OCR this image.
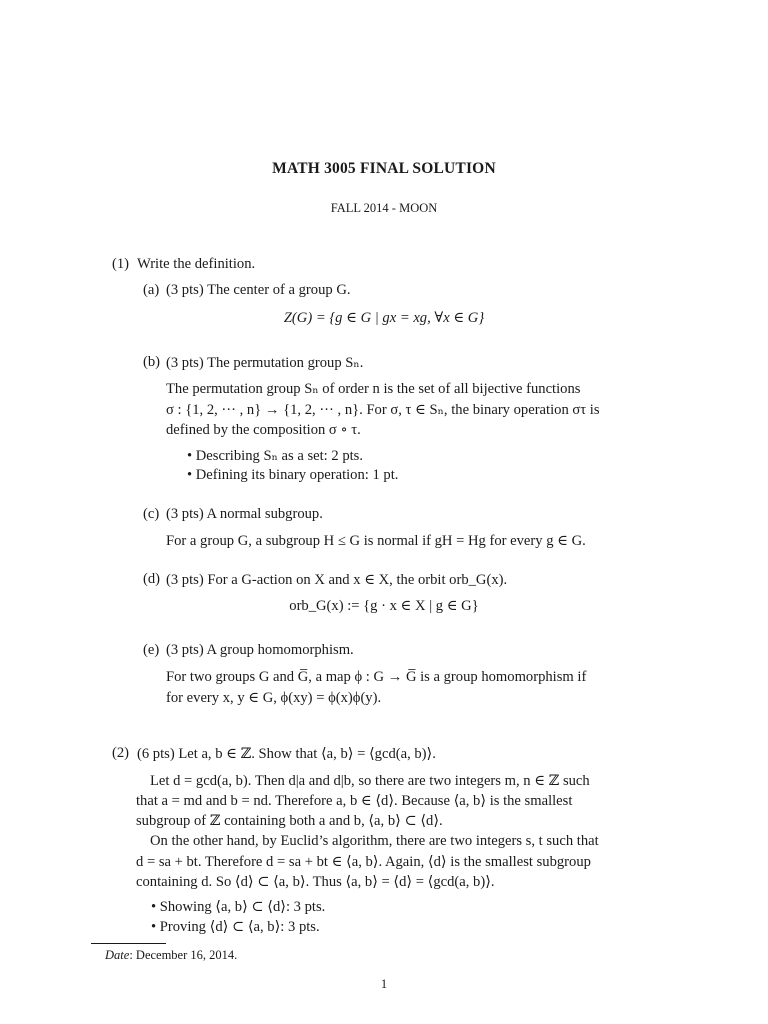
MATH 3005 FINAL SOLUTION
FALL 2014 - MOON
(1) Write the definition.
(a) (3 pts) The center of a group G.
Z(G) = {g ∈ G | gx = xg, ∀x ∈ G}
(b) (3 pts) The permutation group Sₙ.
The permutation group Sₙ of order n is the set of all bijective functions
σ : {1, 2, ··· , n} → {1, 2, ··· , n}. For σ, τ ∈ Sₙ, the binary operation στ is
defined by the composition σ ∘ τ.
• Describing Sₙ as a set: 2 pts.
• Defining its binary operation: 1 pt.
(c) (3 pts) A normal subgroup.
For a group G, a subgroup H ≤ G is normal if gH = Hg for every g ∈ G.
(d) (3 pts) For a G-action on X and x ∈ X, the orbit orb_G(x).
orb_G(x) := {g · x ∈ X | g ∈ G}
(e) (3 pts) A group homomorphism.
For two groups G and G̅, a map ϕ : G → G̅ is a group homomorphism if
for every x, y ∈ G, ϕ(xy) = ϕ(x)ϕ(y).
(2) (6 pts) Let a, b ∈ ℤ. Show that ⟨a, b⟩ = ⟨gcd(a, b)⟩.
Let d = gcd(a, b). Then d|a and d|b, so there are two integers m, n ∈ ℤ such
that a = md and b = nd. Therefore a, b ∈ ⟨d⟩. Because ⟨a, b⟩ is the smallest
subgroup of ℤ containing both a and b, ⟨a, b⟩ ⊂ ⟨d⟩.
On the other hand, by Euclid’s algorithm, there are two integers s, t such that
d = sa + bt. Therefore d = sa + bt ∈ ⟨a, b⟩. Again, ⟨d⟩ is the smallest subgroup
containing d. So ⟨d⟩ ⊂ ⟨a, b⟩. Thus ⟨a, b⟩ = ⟨d⟩ = ⟨gcd(a, b)⟩.
• Showing ⟨a, b⟩ ⊂ ⟨d⟩: 3 pts.
• Proving ⟨d⟩ ⊂ ⟨a, b⟩: 3 pts.
Date: December 16, 2014.
1
